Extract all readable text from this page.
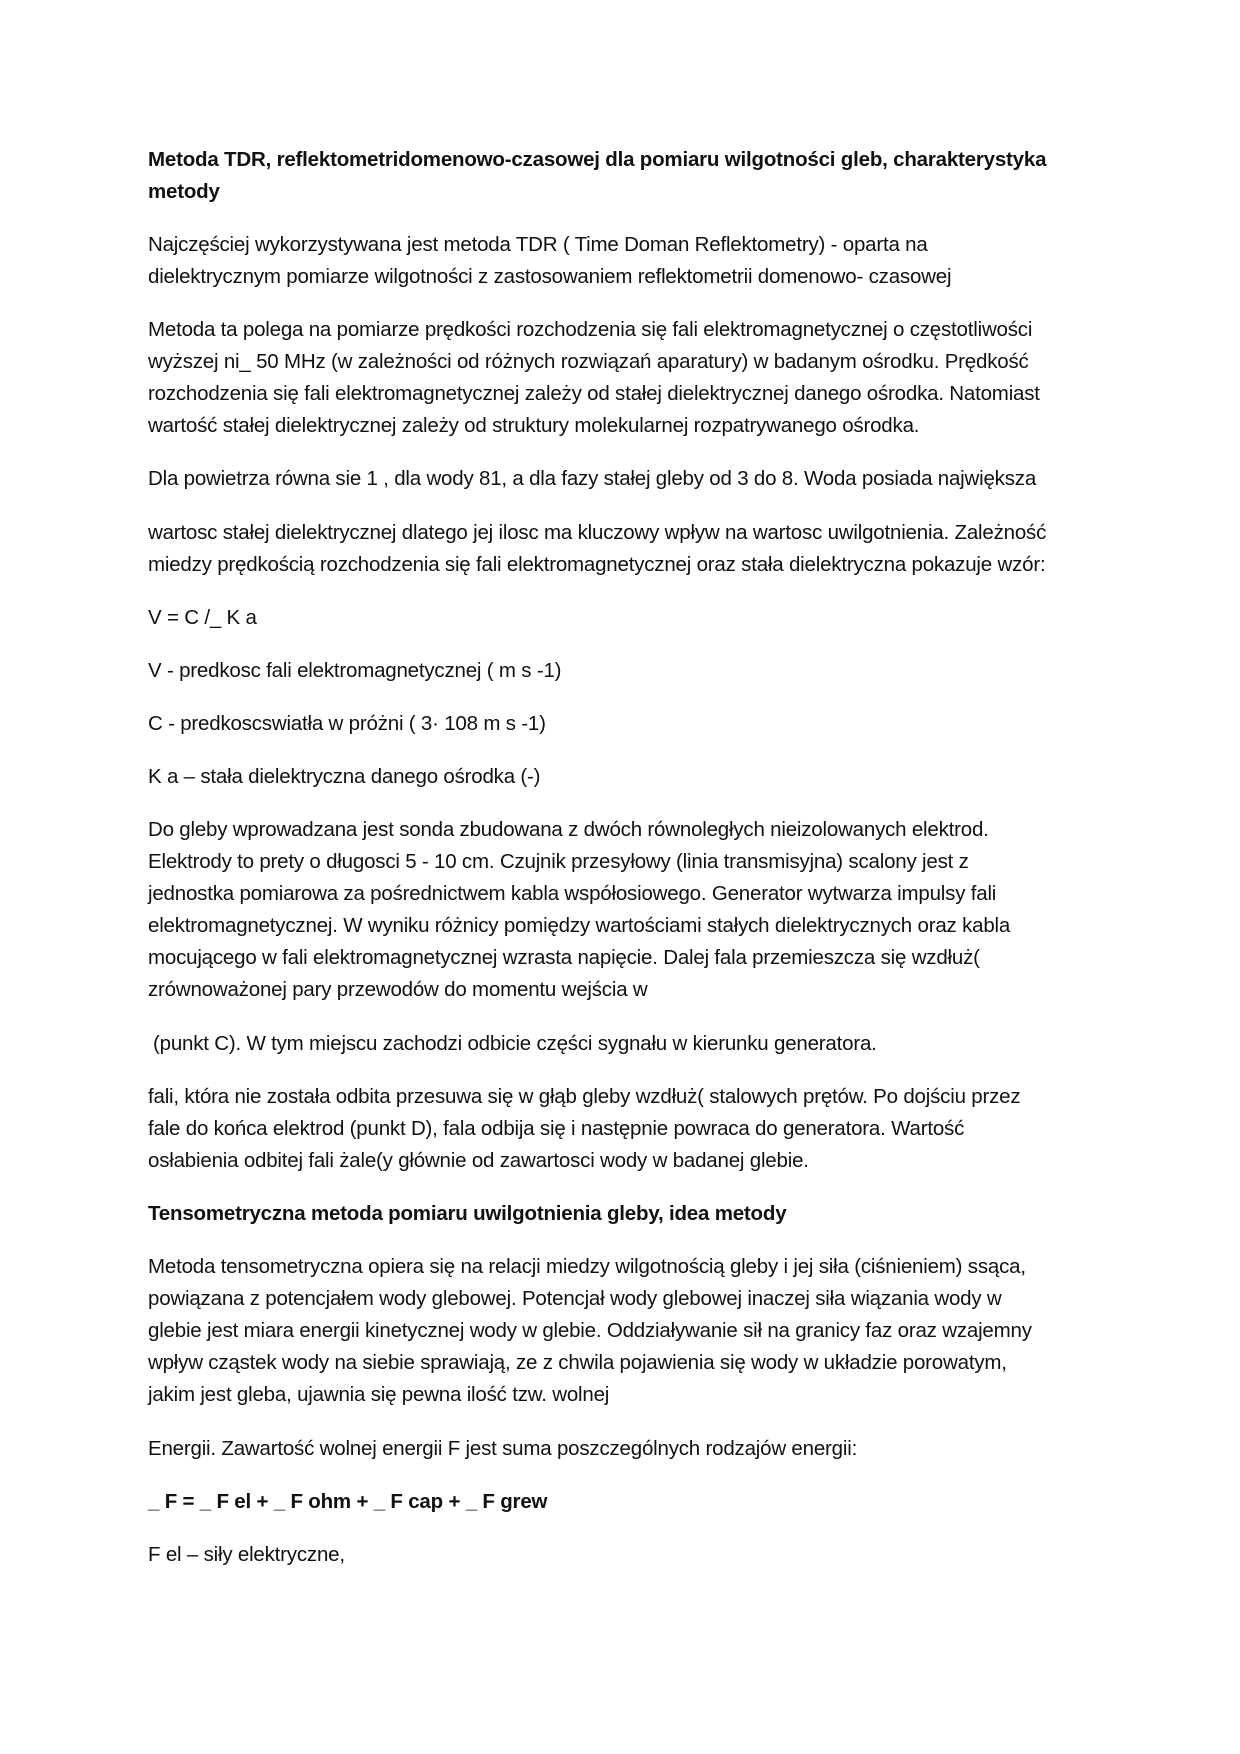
Metoda TDR, reflektometridomenowo-czasowej dla pomiaru wilgotności gleb, charakterystyka
metody
Najczęściej wykorzystywana jest metoda TDR ( Time Doman Reflektometry) - oparta na
dielektrycznym pomiarze wilgotności z zastosowaniem reflektometrii domenowo- czasowej
Metoda ta polega na pomiarze prędkości rozchodzenia się fali elektromagnetycznej o częstotliwości
wyższej ni_ 50 MHz (w zależności od różnych rozwiązań aparatury) w badanym ośrodku. Prędkość
rozchodzenia się fali elektromagnetycznej zależy od stałej dielektrycznej danego ośrodka. Natomiast
wartość stałej dielektrycznej zależy od struktury molekularnej rozpatrywanego ośrodka.
Dla powietrza równa sie 1 , dla wody 81, a dla fazy stałej gleby od 3 do 8. Woda posiada największa
wartosc stałej dielektrycznej dlatego jej ilosc ma kluczowy wpływ na wartosc uwilgotnienia. Zależność
miedzy prędkością rozchodzenia się fali elektromagnetycznej oraz stała dielektryczna pokazuje wzór:
V = C /_ K a
V - predkosc fali elektromagnetycznej ( m s -1)
C - predkoscswiatła w próżni ( 3· 108 m s -1)
K a – stała dielektryczna danego ośrodka (-)
Do gleby wprowadzana jest sonda zbudowana z dwóch równoległych nieizolowanych elektrod.
Elektrody to prety o długosci 5 - 10 cm. Czujnik przesyłowy (linia transmisyjna) scalony jest z
jednostka pomiarowa za pośrednictwem kabla współosiowego. Generator wytwarza impulsy fali
elektromagnetycznej. W wyniku różnicy pomiędzy wartościami stałych dielektrycznych oraz kabla
mocującego w fali elektromagnetycznej wzrasta napięcie. Dalej fala przemieszcza się wzdłuż(
zrównoważonej pary przewodów do momentu wejścia w
(punkt C). W tym miejscu zachodzi odbicie części sygnału w kierunku generatora.
fali, która nie została odbita przesuwa się w głąb gleby wzdłuż( stalowych prętów. Po dojściu przez
fale do końca elektrod (punkt D), fala odbija się i następnie powraca do generatora. Wartość
osłabienia odbitej fali żale(y głównie od zawartosci wody w badanej glebie.
Tensometryczna metoda pomiaru uwilgotnienia gleby, idea metody
Metoda tensometryczna opiera się na relacji miedzy wilgotnością gleby i jej siła (ciśnieniem) ssąca,
powiązana z potencjałem wody glebowej. Potencjał wody glebowej inaczej siła wiązania wody w
glebie jest miara energii kinetycznej wody w glebie. Oddziaływanie sił na granicy faz oraz wzajemny
wpływ cząstek wody na siebie sprawiają, ze z chwila pojawienia się wody w układzie porowatym,
jakim jest gleba, ujawnia się pewna ilość tzw. wolnej
Energii. Zawartość wolnej energii F jest suma poszczególnych rodzajów energii:
_ F = _ F el + _ F ohm + _ F cap + _ F grew
F el – siły elektryczne,
